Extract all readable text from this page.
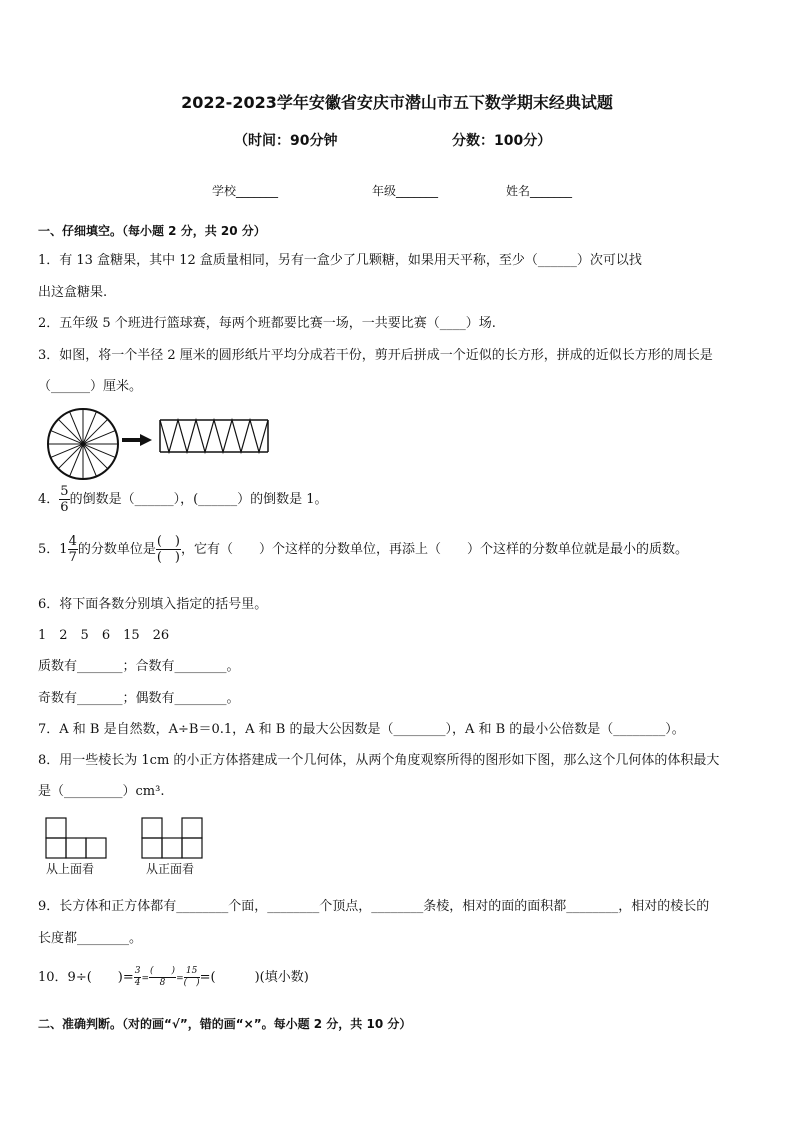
2022-2023学年安徽省安庆市潜山市五下数学期末经典试题
（时间：90分钟	分数：100分）
学校_______	年级_______	姓名_______
一、仔细填空。（每小题 2 分，共 20 分）
1．有 13 盒糖果，其中 12 盒质量相同，另有一盒少了几颗糖，如果用天平称，至少（______）次可以找
出这盒糖果.
2．五年级 5 个班进行篮球赛，每两个班都要比赛一场，一共要比赛（____）场.
3．如图，将一个半径 2 厘米的圆形纸片平均分成若干份，剪开后拼成一个近似的长方形，拼成的近似长方形的周长是
（______）厘米。
4． $\frac{5}{6}$ 的倒数是（______），(______）的倒数是 1。
5．$1 \frac{4}{7}$ 的分数单位是 $\frac{( )}{( )}$ ，它有（　　）个这样的分数单位，再添上（　　）个这样的分数单位就是最小的质数。
6．将下面各数分别填入指定的括号里。
1　2　5　6　15　26
质数有_______；合数有________。
奇数有_______；偶数有________。
7．A 和 B 是自然数，A÷B＝0.1，A 和 B 的最大公因数是（________），A 和 B 的最小公倍数是（________）。
8．用一些棱长为 1cm 的小正方体搭建成一个几何体，从两个角度观察所得的图形如下图，那么这个几何体的体积最大
是（_________）cm³.
从上面看	从正面看
9．长方体和正方体都有________个面，________个顶点，________条棱，相对的面的面积都________，相对的棱长的
长度都________。
10．9÷(　　)= $\frac{3}{4} = \frac{( )}{8} = \frac{15}{( )}$ =(　　　)(填小数)
二、准确判断。（对的画“√”，错的画“×”。每小题 2 分，共 10 分）
